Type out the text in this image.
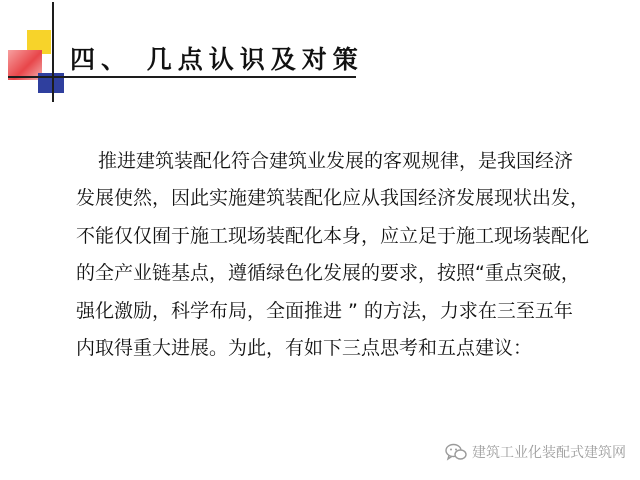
四、 几点认识及对策

推进建筑装配化符合建筑业发展的客观规律，是我国经济
发展使然，因此实施建筑装配化应从我国经济发展现状出发，
不能仅仅囿于施工现场装配化本身，应立足于施工现场装配化
的全产业链基点，遵循绿色化发展的要求，按照“重点突破，
强化激励，科学布局，全面推进 ” 的方法，力求在三至五年
内取得重大进展。为此，有如下三点思考和五点建议：

建筑工业化装配式建筑网
